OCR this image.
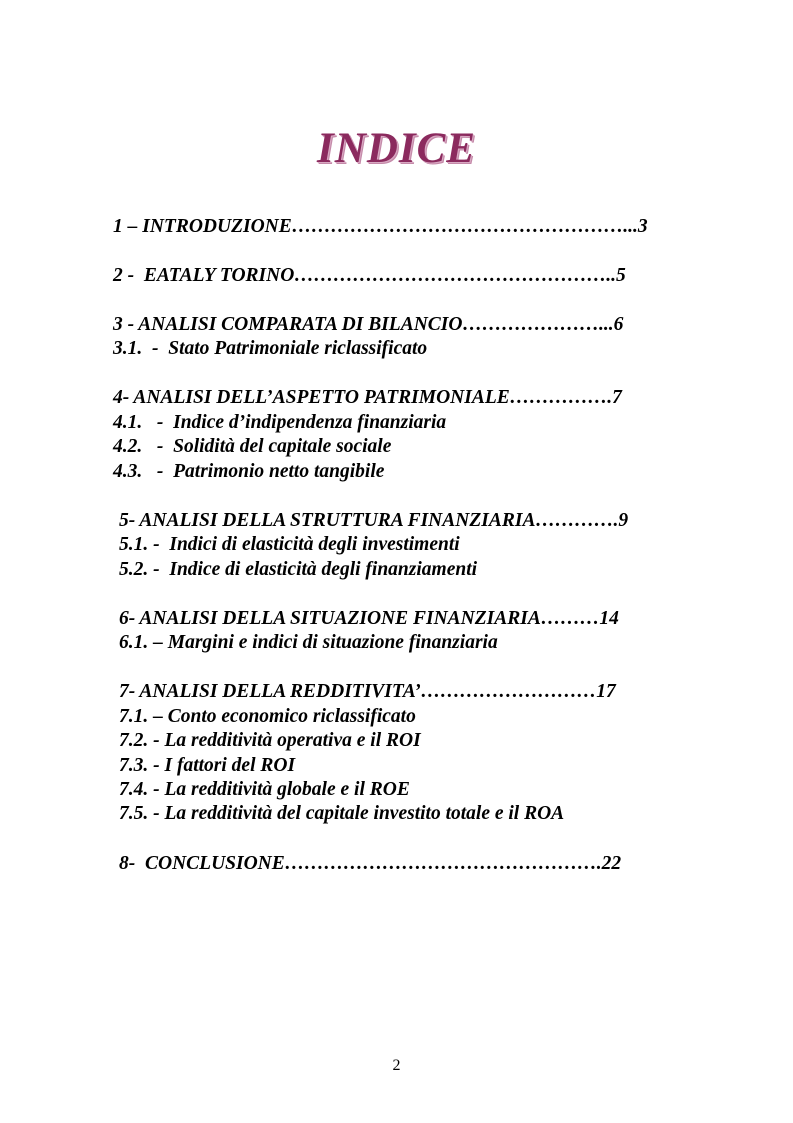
INDICE
1 – INTRODUZIONE……………………………………………...3
2 -  EATALY TORINO…………………………………………..5
3 - ANALISI COMPARATA DI BILANCIO…………………...6
3.1.  -  Stato Patrimoniale riclassificato
4- ANALISI DELL’ASPETTO PATRIMONIALE…………….7
4.1.   -  Indice d’indipendenza finanziaria
4.2.   -  Solidità del capitale sociale
4.3.   -  Patrimonio netto tangibile
5- ANALISI DELLA STRUTTURA FINANZIARIA………….9
5.1. -  Indici di elasticità degli investimenti
5.2. -  Indice di elasticità degli finanziamenti
6- ANALISI DELLA SITUAZIONE FINANZIARIA………14
6.1. – Margini e indici di situazione finanziaria
7- ANALISI DELLA REDDITIVITA’………………………17
7.1. – Conto economico riclassificato
7.2. - La redditività operativa e il ROI
7.3. - I fattori del ROI
7.4. - La redditività globale e il ROE
7.5. - La redditività del capitale investito totale e il ROA
8-  CONCLUSIONE………………………………………….22
2
